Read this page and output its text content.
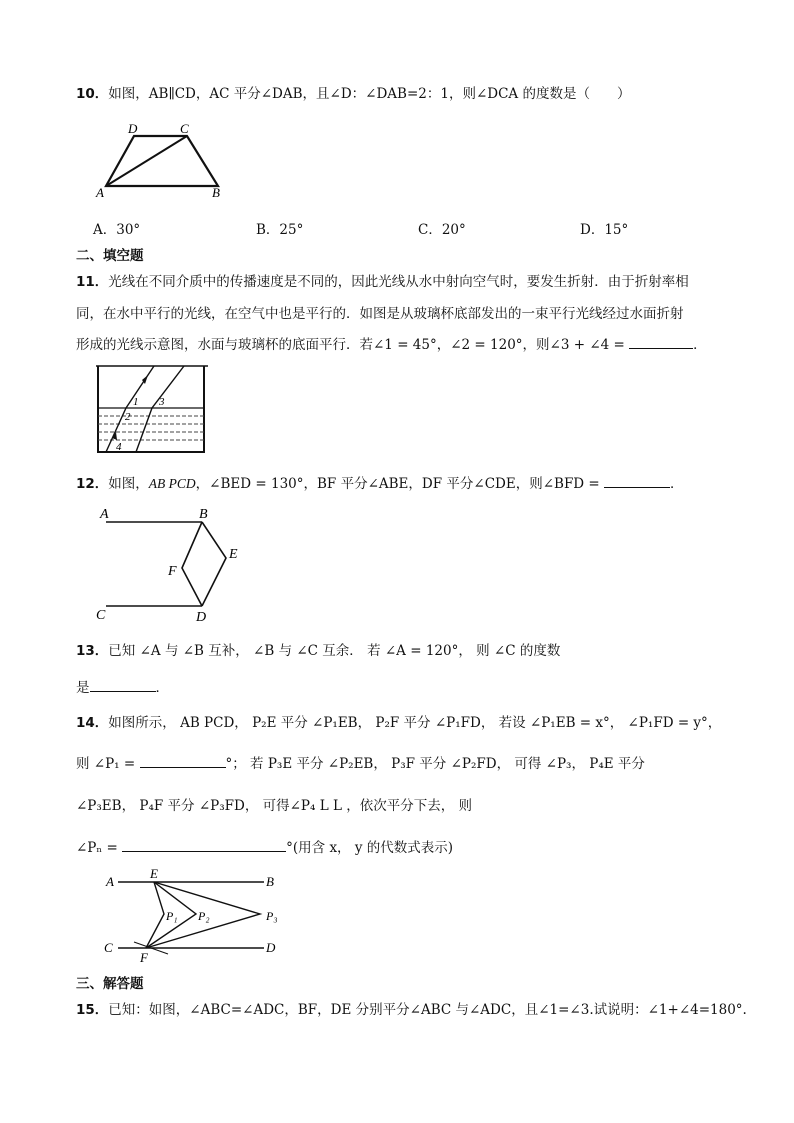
10．如图，AB∥CD，AC 平分∠DAB，且∠D：∠DAB=2：1，则∠DCA 的度数是（　　）
D	C
A	B
A．30°	B．25°	C．20°	D．15°
二、填空题
11．光线在不同介质中的传播速度是不同的，因此光线从水中射向空气时，要发生折射．由于折射率相
同，在水中平行的光线，在空气中也是平行的．如图是从玻璃杯底部发出的一束平行光线经过水面折射
形成的光线示意图，水面与玻璃杯的底面平行．若∠1 = 45°，∠2 = 120°，则∠3 + ∠4 =	．
1
2
3
4
12．如图，AB PCD，∠BED = 130°，BF 平分∠ABE，DF 平分∠CDE，则∠BFD =	．
A	B
E
F
C	D
13．已知 ∠A 与 ∠B 互补， ∠B 与 ∠C 互余． 若 ∠A = 120°， 则 ∠C 的度数
是	．
14．如图所示， AB PCD， P₂E 平分 ∠P₁EB， P₂F 平分 ∠P₁FD， 若设 ∠P₁EB = x°， ∠P₁FD = y°，
则 ∠P₁ =	°； 若 P₃E 平分 ∠P₂EB， P₃F 平分 ∠P₂FD， 可得 ∠P₃， P₄E 平分
∠P₃EB， P₄F 平分 ∠P₃FD， 可得∠P₄ L L ，依次平分下去， 则
∠Pₙ =	°(用含 x， y 的代数式表示)
A
E
B
P₁ P₂	P₃
C
F
D
三、解答题
15．已知：如图，∠ABC=∠ADC，BF，DE 分别平分∠ABC 与∠ADC，且∠1=∠3.试说明：∠1+∠4=180°.
